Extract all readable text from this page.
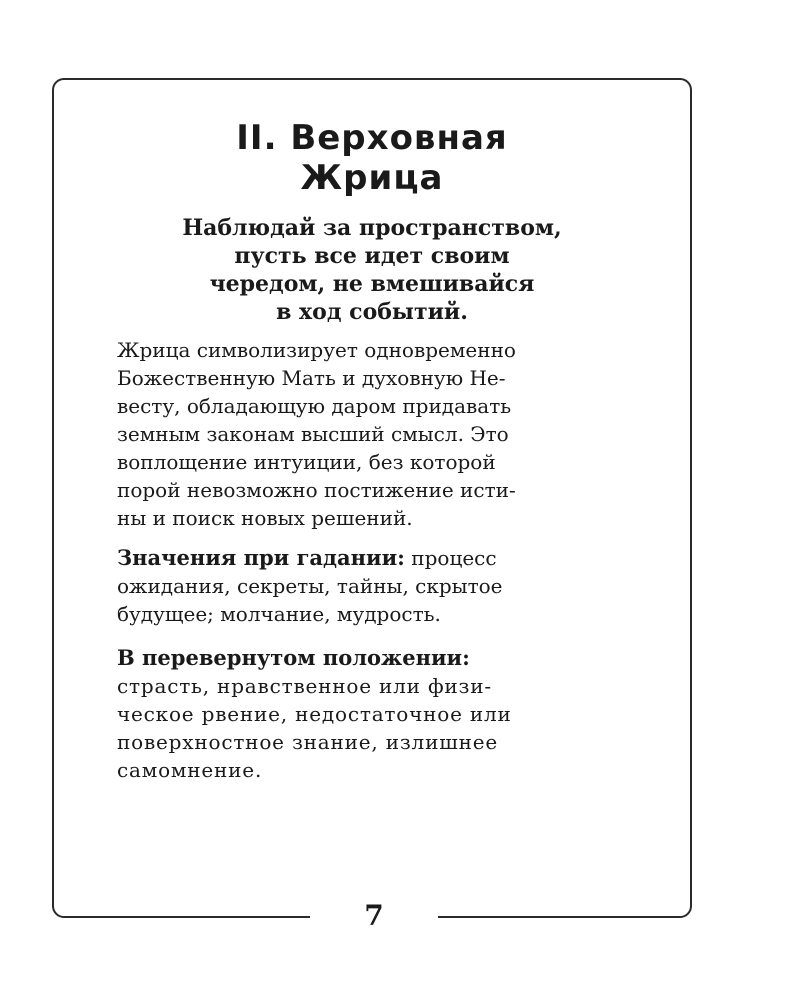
7
II. Верховная
Жрица

Наблюдай за пространством,
пусть все идет своим
чередом, не вмешивайся
в ход событий.

Жрица символизирует одновременно
Божественную Мать и духовную Не-
весту, обладающую даром придавать
земным законам высший смысл. Это
воплощение интуиции, без которой
порой невозможно постижение исти-
ны и поиск новых решений.

Значения при гадании: процесс
ожидания, секреты, тайны, скрытое
будущее; молчание, мудрость.

В перевернутом положении:
страсть, нравственное или физи-
ческое рвение, недостаточное или
поверхностное знание, излишнее
самомнение.
